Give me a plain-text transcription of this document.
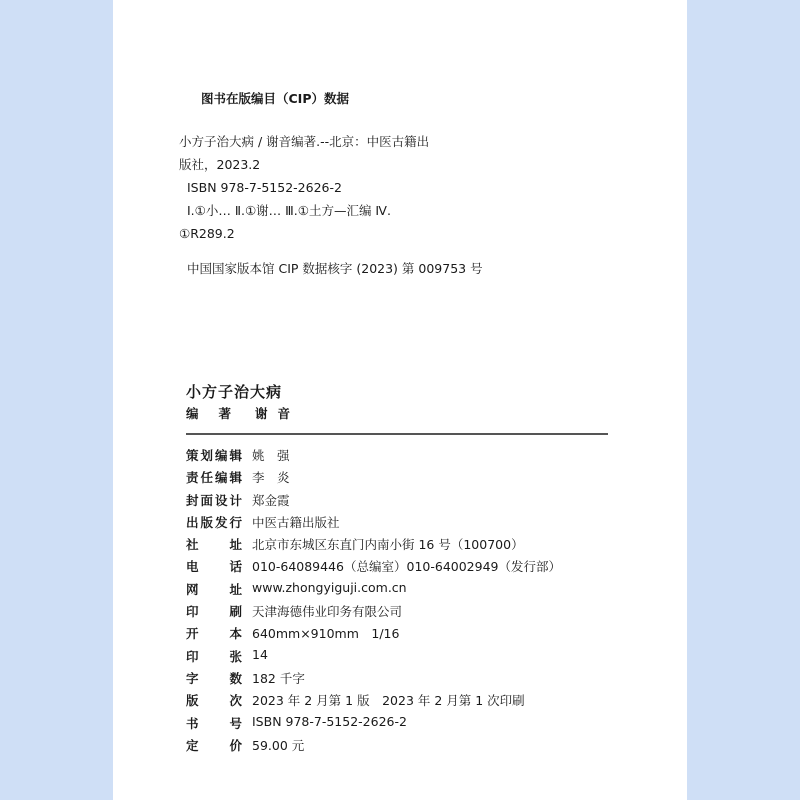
图书在版编目（CIP）数据
小方子治大病 / 谢音编著.--北京：中医古籍出
版社，2023.2
ISBN 978-7-5152-2626-2
Ⅰ.①小… Ⅱ.①谢… Ⅲ.①土方—汇编 Ⅳ.
①R289.2
中国国家版本馆 CIP 数据核字 (2023) 第 009753 号
小方子治大病
编著 谢音
策划编辑 姚　强
责任编辑 李　炎
封面设计 郑金霞
出版发行 中医古籍出版社
社址 北京市东城区东直门内南小街 16 号（100700）
电话 010-64089446（总编室）010-64002949（发行部）
网址 www.zhongyiguji.com.cn
印刷 天津海德伟业印务有限公司
开本 640mm×910mm　1/16
印张 14
字数 182 千字
版次 2023 年 2 月第 1 版　2023 年 2 月第 1 次印刷
书号 ISBN 978-7-5152-2626-2
定价 59.00 元
